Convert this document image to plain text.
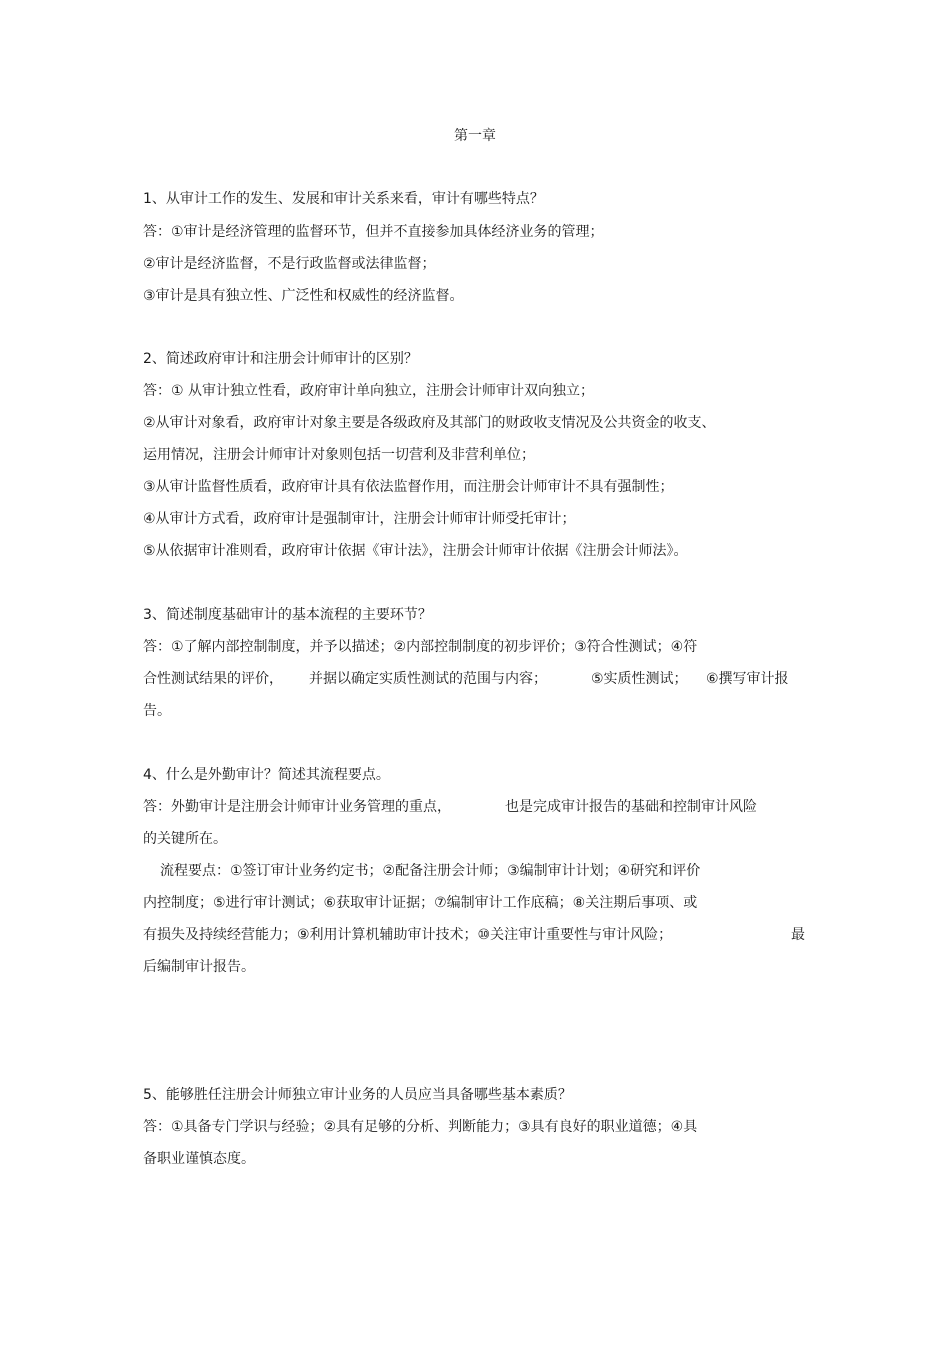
第一章
1、从审计工作的发生、发展和审计关系来看，审计有哪些特点？
答：①审计是经济管理的监督环节，但并不直接参加具体经济业务的管理；
②审计是经济监督，不是行政监督或法律监督；
③审计是具有独立性、广泛性和权威性的经济监督。
2、简述政府审计和注册会计师审计的区别？
答：① 从审计独立性看，政府审计单向独立，注册会计师审计双向独立；
②从审计对象看，政府审计对象主要是各级政府及其部门的财政收支情况及公共资金的收支、
运用情况，注册会计师审计对象则包括一切营利及非营利单位；
③从审计监督性质看，政府审计具有依法监督作用，而注册会计师审计不具有强制性；
④从审计方式看，政府审计是强制审计，注册会计师审计师受托审计；
⑤从依据审计准则看，政府审计依据《审计法》，注册会计师审计依据《注册会计师法》。
3、简述制度基础审计的基本流程的主要环节？
答：①了解内部控制制度，并予以描述；②内部控制制度的初步评价；③符合性测试；④符
合性测试结果的评价， 并据以确定实质性测试的范围与内容；	⑤实质性测试； ⑥撰写审计报
告。
4、什么是外勤审计？简述其流程要点。
答：外勤审计是注册会计师审计业务管理的重点，	也是完成审计报告的基础和控制审计风险
的关键所在。
流程要点：①签订审计业务约定书；②配备注册会计师；③编制审计计划；④研究和评价
内控制度；⑤进行审计测试；⑥获取审计证据；⑦编制审计工作底稿；⑧关注期后事项、或
有损失及持续经营能力；⑨利用计算机辅助审计技术；⑩关注审计重要性与审计风险；	最
后编制审计报告。
5、能够胜任注册会计师独立审计业务的人员应当具备哪些基本素质？
答：①具备专门学识与经验；②具有足够的分析、判断能力；③具有良好的职业道德；④具
备职业谨慎态度。
